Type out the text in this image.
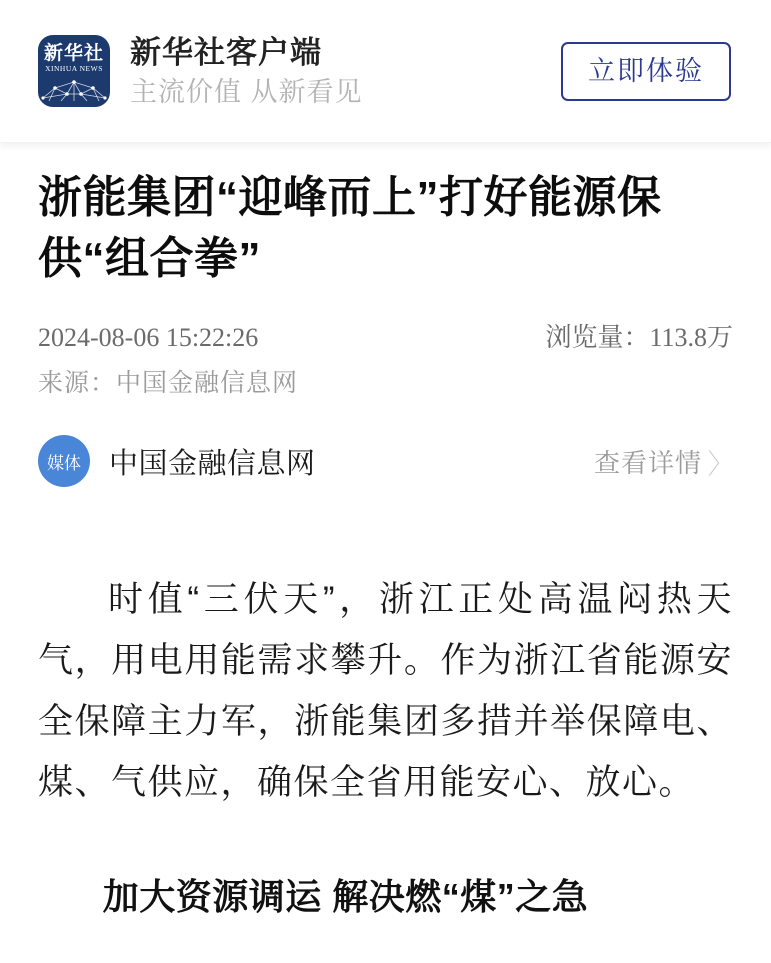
新华社
XINHUA NEWS 新华社客户端
主流价值 从新看见
立即体验
浙能集团“迎峰而上”打好能源保供“组合拳”
2024-08-06 15:22:26	浏览量：113.8万
来源：中国金融信息网
媒体 中国金融信息网	查看详情 〉

时值“三伏天”，浙江正处高温闷热天气，用电用能需求攀升。作为浙江省能源安全保障主力军，浙能集团多措并举保障电、煤、气供应，确保全省用能安心、放心。

加大资源调运 解决燃“煤”之急
